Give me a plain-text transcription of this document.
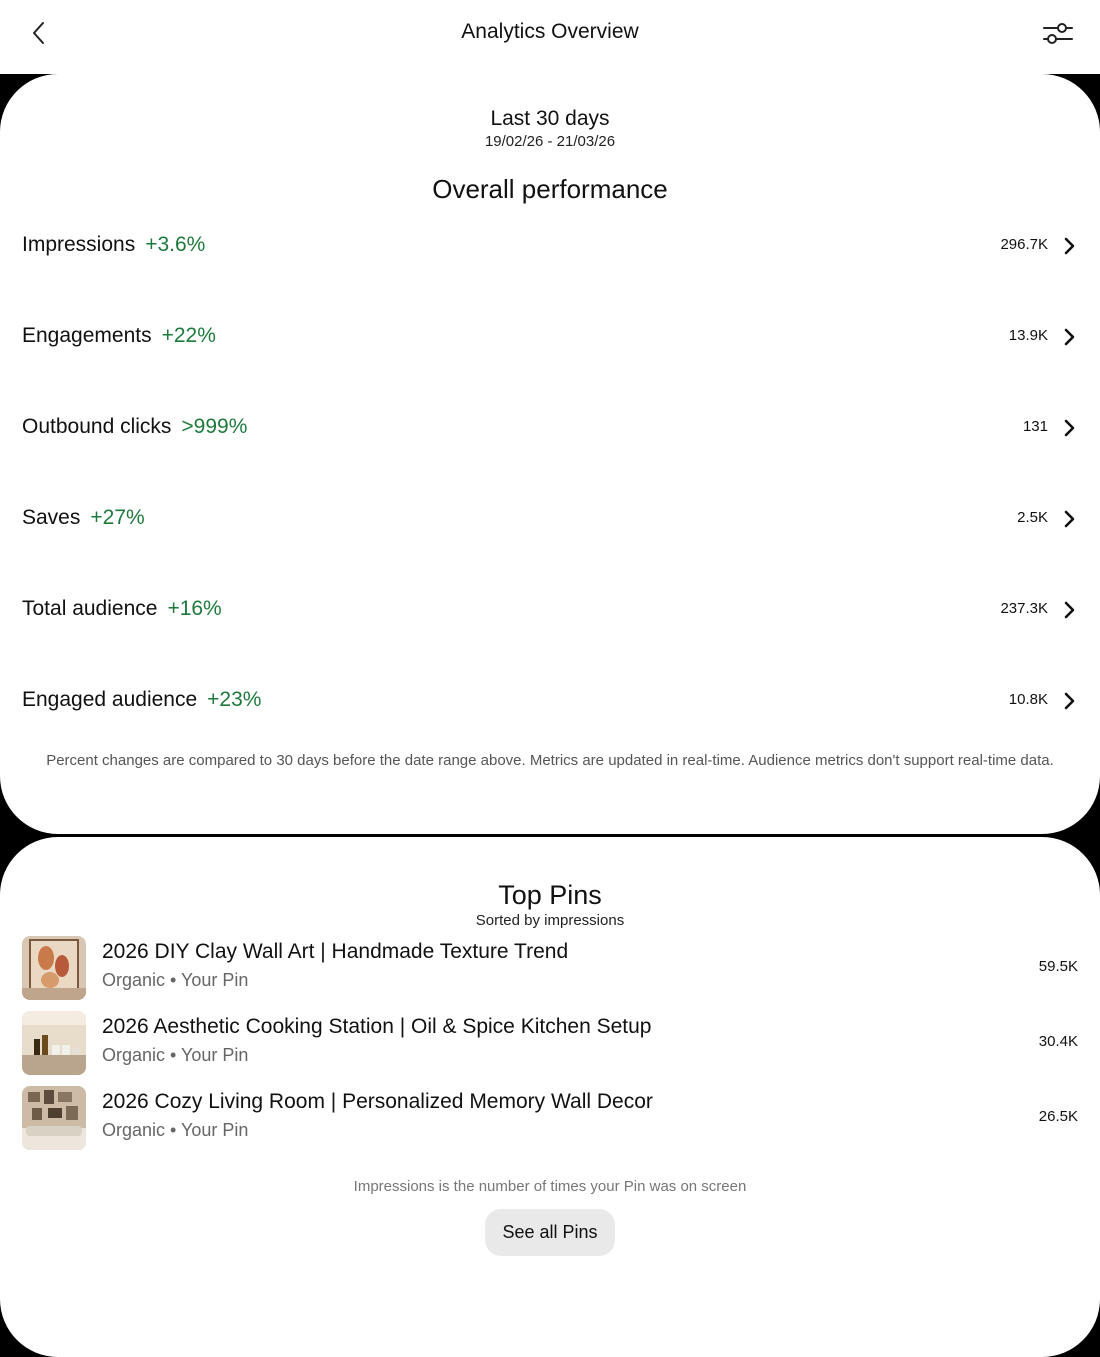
Analytics Overview
Last 30 days
19/02/26 - 21/03/26
Overall performance
Impressions +3.6%	296.7K
Engagements +22%	13.9K
Outbound clicks >999%	131
Saves +27%	2.5K
Total audience +16%	237.3K
Engaged audience +23%	10.8K
Percent changes are compared to 30 days before the date range above. Metrics are updated in real-time. Audience metrics don't support real-time data.
Top Pins
Sorted by impressions
2026 DIY Clay Wall Art | Handmade Texture Trend
Organic • Your Pin
59.5K
2026 Aesthetic Cooking Station | Oil & Spice Kitchen Setup
Organic • Your Pin
30.4K
2026 Cozy Living Room | Personalized Memory Wall Decor
Organic • Your Pin
26.5K
Impressions is the number of times your Pin was on screen
See all Pins
